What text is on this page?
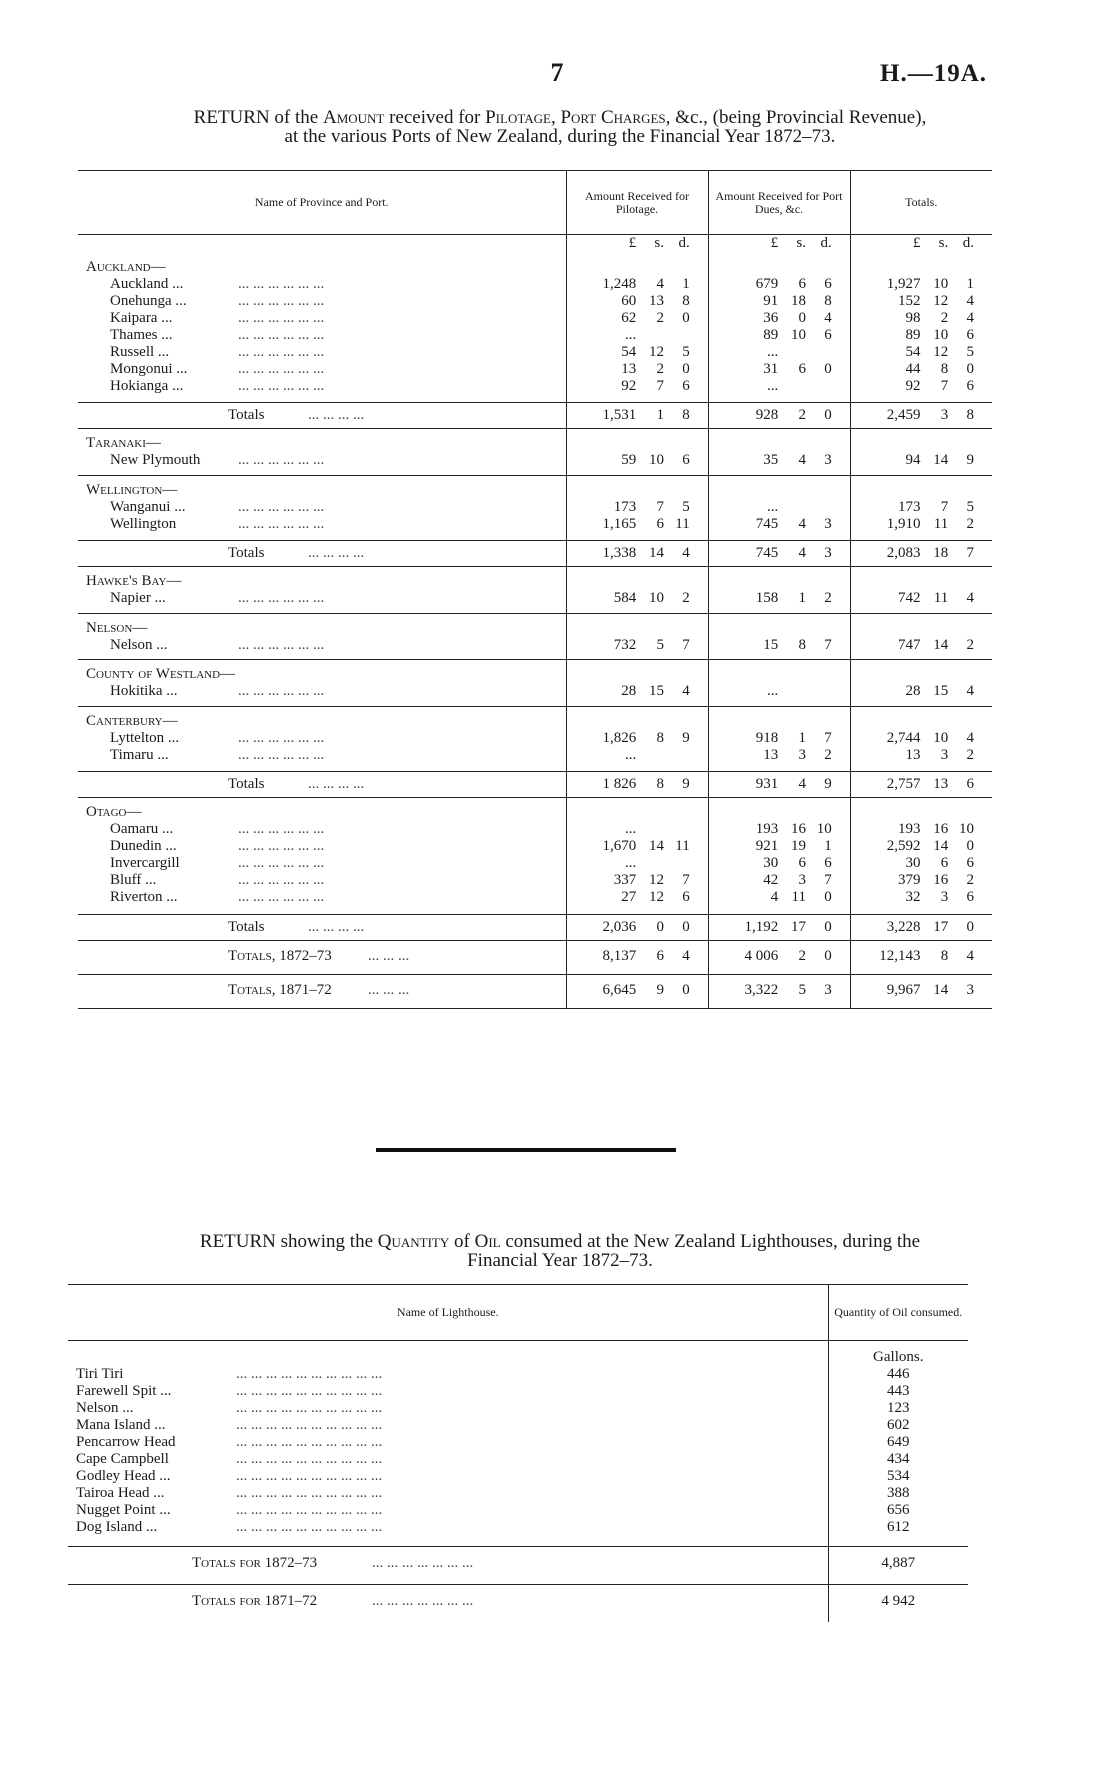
7	H.—19A.
RETURN of the Amount received for Pilotage, Port Charges, &c., (being Provincial Revenue),
at the various Ports of New Zealand, during the Financial Year 1872–73.
Name of Province and Port.	Amount Received for Pilotage.	Amount Received for Port Dues, &c.	Totals.
	£ s. d.	£ s. d.	£ s. d.
Auckland—			
Auckland ... ... ... ... ... ... ...	1,248 4 1	679 6 6	1,927 10 1
Onehunga ... ... ... ... ... ... ...	60 13 8	91 18 8	152 12 4
Kaipara ... ... ... ... ... ... ...	62 2 0	36 0 4	98 2 4
Thames ... ... ... ... ... ... ...	...	89 10 6	89 10 6
Russell ... ... ... ... ... ... ...	54 12 5	...	54 12 5
Mongonui ... ... ... ... ... ... ...	13 2 0	31 6 0	44 8 0
Hokianga ... ... ... ... ... ... ...	92 7 6	...	92 7 6

Totals ... ... ... ...	1,531 1 8	928 2 0	2,459 3 8
Taranaki—			
New Plymouth ... ... ... ... ... ...	59 10 6	35 4 3	94 14 9

Wellington—			
Wanganui ... ... ... ... ... ... ...	173 7 5	...	173 7 5
Wellington ... ... ... ... ... ...	1,165 6 11	745 4 3	1,910 11 2

Totals ... ... ... ...	1,338 14 4	745 4 3	2,083 18 7
Hawke's Bay—			
Napier ... ... ... ... ... ... ...	584 10 2	158 1 2	742 11 4

Nelson—			
Nelson ... ... ... ... ... ... ...	732 5 7	15 8 7	747 14 2

County of Westland—			
Hokitika ... ... ... ... ... ... ...	28 15 4	...	28 15 4

Canterbury—			
Lyttelton ... ... ... ... ... ... ...	1,826 8 9	918 1 7	2,744 10 4
Timaru ... ... ... ... ... ... ...	...	13 3 2	13 3 2

Totals ... ... ... ...	1 826 8 9	931 4 9	2,757 13 6
Otago—			
Oamaru ... ... ... ... ... ... ...	...	193 16 10	193 16 10
Dunedin ... ... ... ... ... ... ...	1,670 14 11	921 19 1	2,592 14 0
Invercargill ... ... ... ... ... ...	...	30 6 6	30 6 6
Bluff ... ... ... ... ... ... ...	337 12 7	42 3 7	379 16 2
Riverton ... ... ... ... ... ... ...	27 12 6	4 11 0	32 3 6

Totals ... ... ... ...	2,036 0 0	1,192 17 0	3,228 17 0
Totals, 1872–73 ... ... ...	8,137 6 4	4 006 2 0	12,143 8 4
Totals, 1871–72 ... ... ...	6,645 9 0	3,322 5 3	9,967 14 3
RETURN showing the Quantity of Oil consumed at the New Zealand Lighthouses, during the
Financial Year 1872–73.
Name of Lighthouse.	Quantity of Oil consumed.
	Gallons.
Tiri Tiri ... ... ... ... ... ... ... ... ... ...	446
Farewell Spit ... ... ... ... ... ... ... ... ... ... ...	443
Nelson ... ... ... ... ... ... ... ... ... ... ...	123
Mana Island ... ... ... ... ... ... ... ... ... ... ...	602
Pencarrow Head ... ... ... ... ... ... ... ... ... ...	649
Cape Campbell ... ... ... ... ... ... ... ... ... ...	434
Godley Head ... ... ... ... ... ... ... ... ... ... ...	534
Tairoa Head ... ... ... ... ... ... ... ... ... ... ...	388
Nugget Point ... ... ... ... ... ... ... ... ... ... ...	656
Dog Island ... ... ... ... ... ... ... ... ... ... ...	612

Totals for 1872–73 ... ... ... ... ... ... ...	4,887
Totals for 1871–72 ... ... ... ... ... ... ...	4 942
